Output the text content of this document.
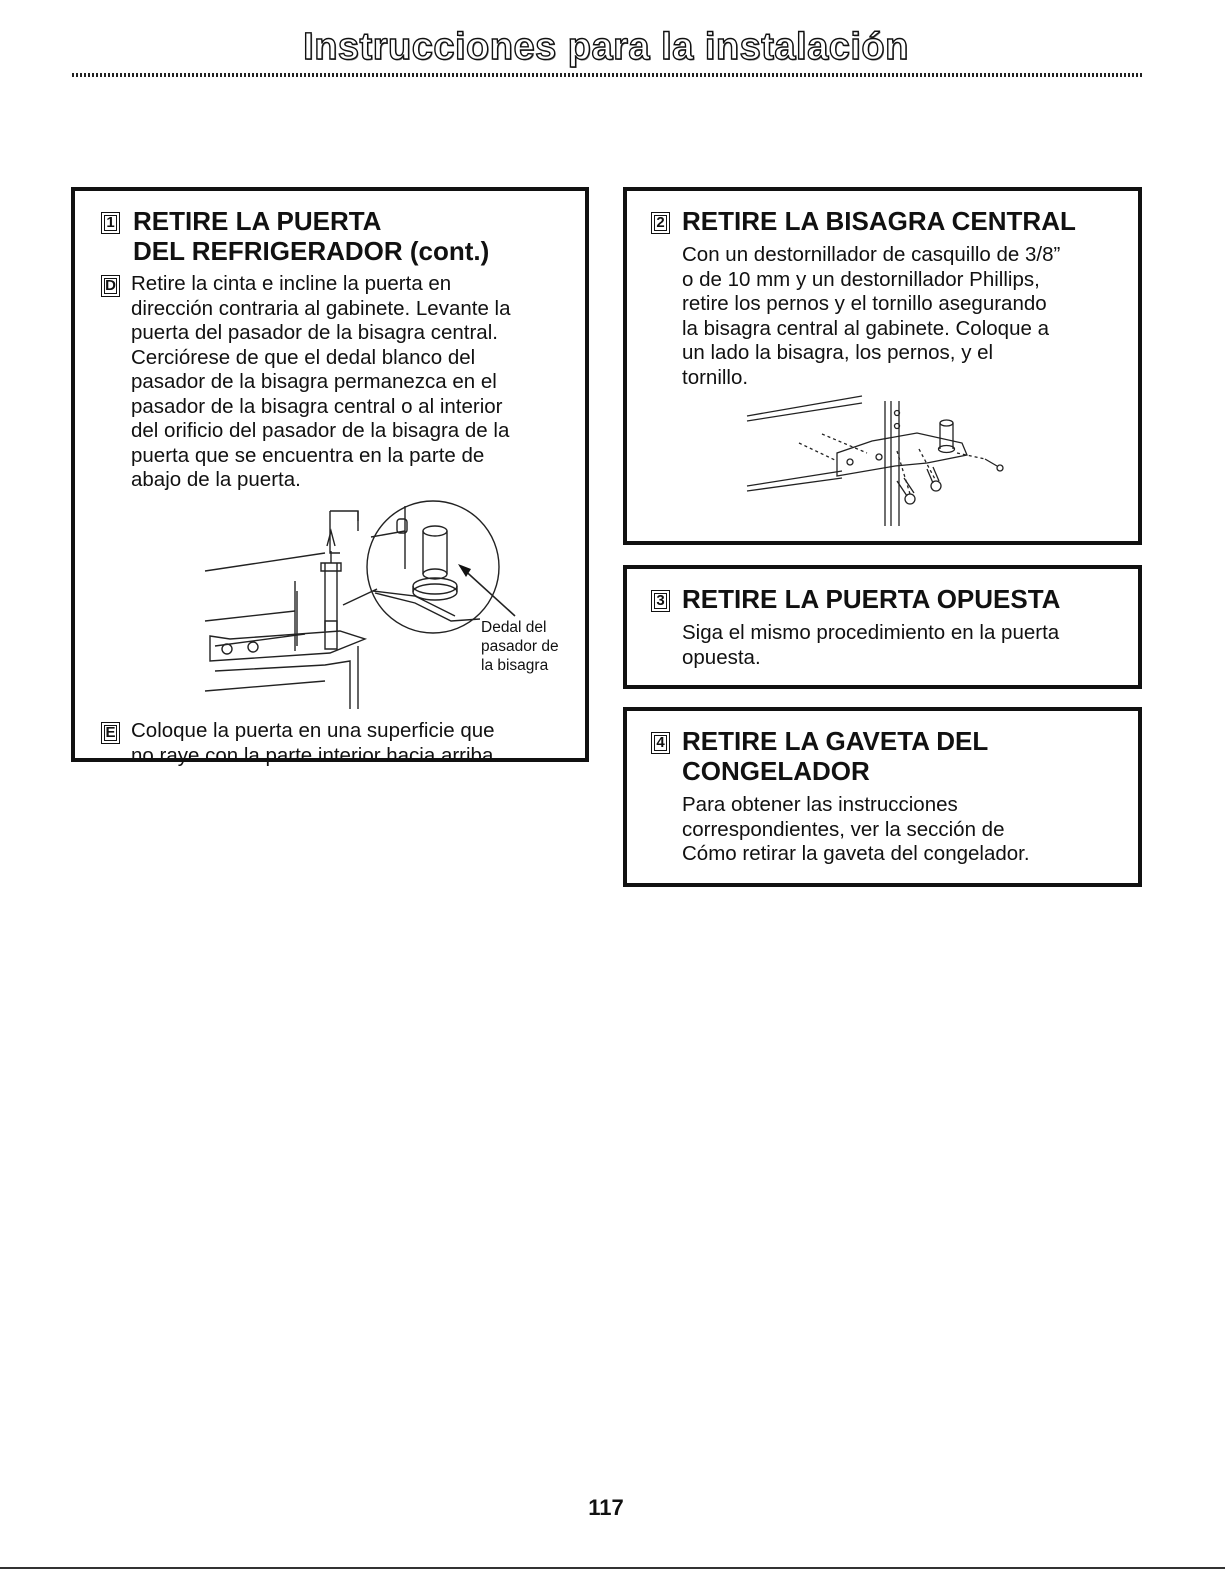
Instrucciones para la instalación
1 RETIRE LA PUERTA
DEL REFRIGERADOR (cont.)
D Retire la cinta e incline la puerta en
dirección contraria al gabinete. Levante la
puerta del pasador de la bisagra central.
Cerciórese de que el dedal blanco del
pasador de la bisagra permanezca en el
pasador de la bisagra central o al interior
del orificio del pasador de la bisagra de la
puerta que se encuentra en la parte de
abajo de la puerta.
Dedal del
pasador de
la bisagra
E Coloque la puerta en una superficie que
no raye con la parte interior hacia arriba.
2 RETIRE LA BISAGRA CENTRAL
Con un destornillador de casquillo de 3/8”
o de 10 mm y un destornillador Phillips,
retire los pernos y el tornillo asegurando
la bisagra central al gabinete. Coloque a
un lado la bisagra, los pernos, y el
tornillo.
3 RETIRE LA PUERTA OPUESTA
Siga el mismo procedimiento en la puerta
opuesta.
4 RETIRE LA GAVETA DEL
CONGELADOR
Para obtener las instrucciones
correspondientes, ver la sección de
Cómo retirar la gaveta del congelador.
117
